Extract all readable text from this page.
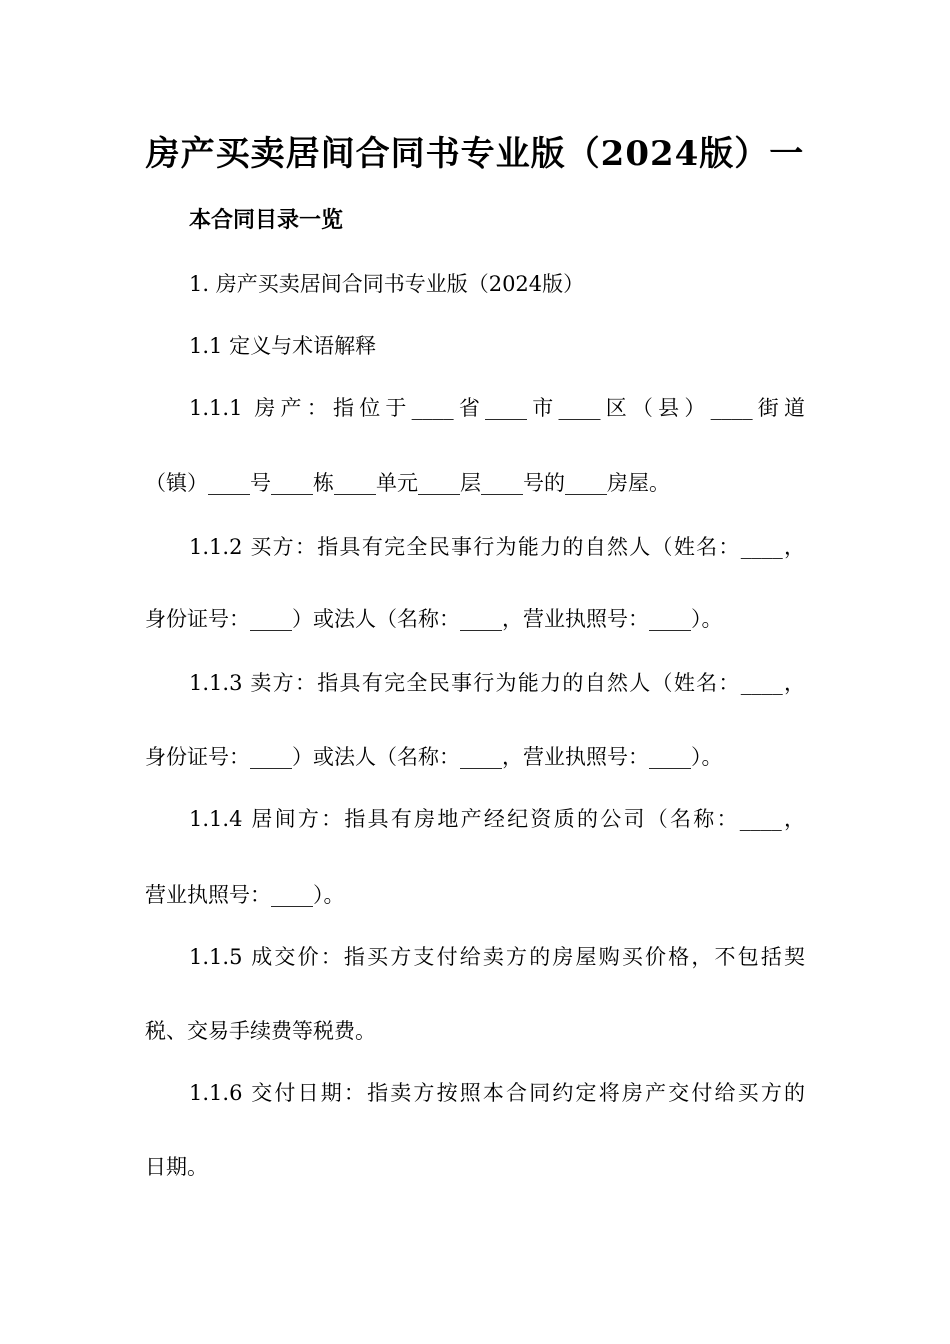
房产买卖居间合同书专业版（2024版）一
本合同目录一览
1. 房产买卖居间合同书专业版（2024版）
1.1 定义与术语解释
1.1.1 房产：指位于____省____市____区（县）____街道
（镇）____号____栋____单元____层____号的____房屋。
1.1.2 买方：指具有完全民事行为能力的自然人（姓名：____，
身份证号：____）或法人（名称：____，营业执照号：____）。
1.1.3 卖方：指具有完全民事行为能力的自然人（姓名：____，
身份证号：____）或法人（名称：____，营业执照号：____）。
1.1.4 居间方：指具有房地产经纪资质的公司（名称：____，
营业执照号：____）。
1.1.5 成交价：指买方支付给卖方的房屋购买价格，不包括契
税、交易手续费等税费。
1.1.6 交付日期：指卖方按照本合同约定将房产交付给买方的
日期。
